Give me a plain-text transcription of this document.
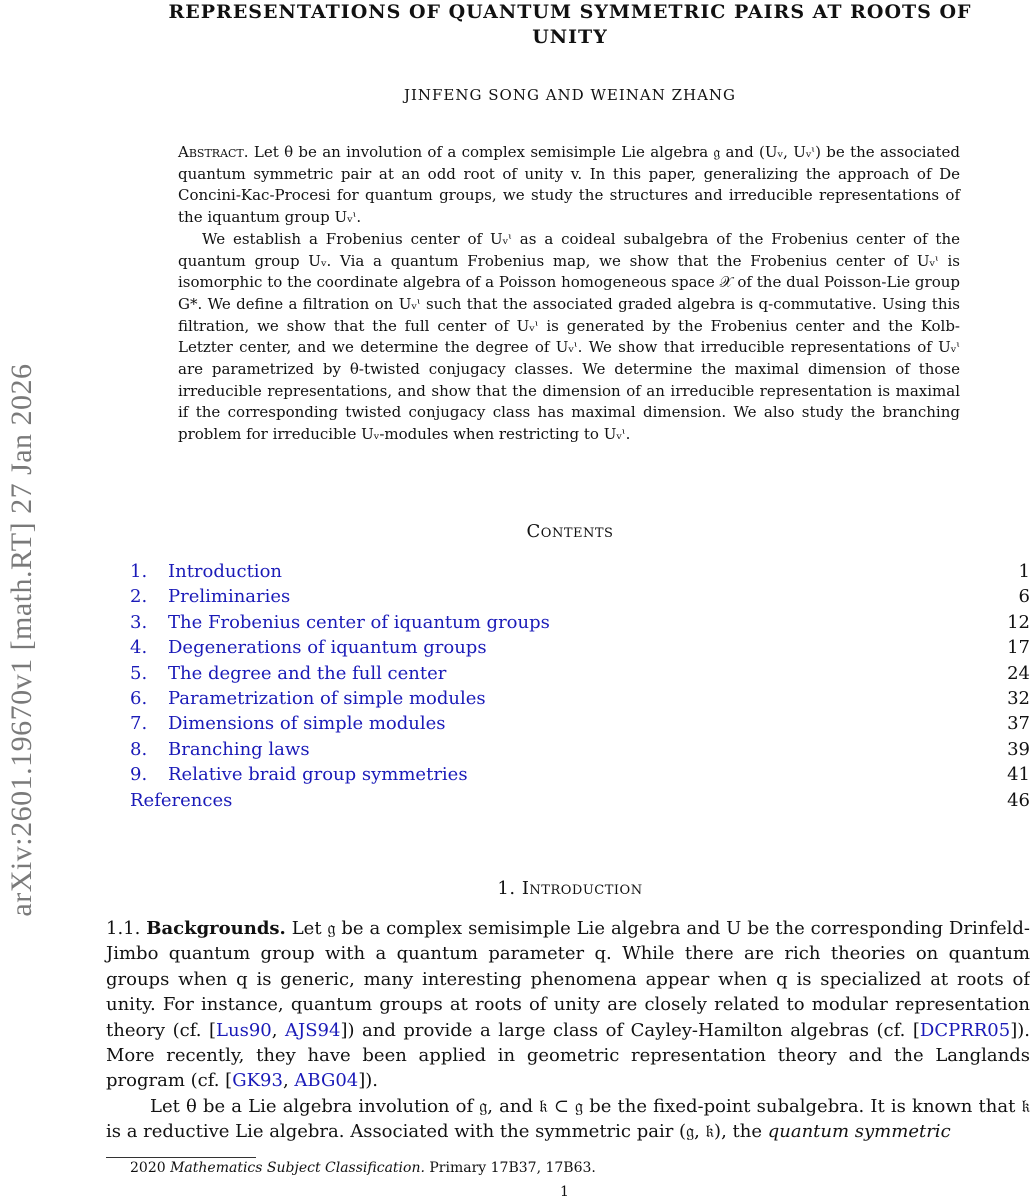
arXiv:2601.19670v1 [math.RT] 27 Jan 2026
REPRESENTATIONS OF QUANTUM SYMMETRIC PAIRS AT ROOTS OF
UNITY
JINFENG SONG AND WEINAN ZHANG

Abstract. Let θ be an involution of a complex semisimple Lie algebra 𝔤 and (Uᵥ, Uᵥᶥ) be the associated quantum symmetric pair at an odd root of unity v. In this paper, generalizing the approach of De Concini-Kac-Procesi for quantum groups, we study the structures and irreducible representations of the iquantum group Uᵥᶥ.

We establish a Frobenius center of Uᵥᶥ as a coideal subalgebra of the Frobenius center of the quantum group Uᵥ. Via a quantum Frobenius map, we show that the Frobenius center of Uᵥᶥ is isomorphic to the coordinate algebra of a Poisson homogeneous space 𝒳 of the dual Poisson-Lie group G*. We define a filtration on Uᵥᶥ such that the associated graded algebra is q-commutative. Using this filtration, we show that the full center of Uᵥᶥ is generated by the Frobenius center and the Kolb-Letzter center, and we determine the degree of Uᵥᶥ. We show that irreducible representations of Uᵥᶥ are parametrized by θ-twisted conjugacy classes. We determine the maximal dimension of those irreducible representations, and show that the dimension of an irreducible representation is maximal if the corresponding twisted conjugacy class has maximal dimension. We also study the branching problem for irreducible Uᵥ-modules when restricting to Uᵥᶥ.

Contents
1. Introduction	1
2. Preliminaries	6
3. The Frobenius center of iquantum groups	12
4. Degenerations of iquantum groups	17
5. The degree and the full center	24
6. Parametrization of simple modules	32
7. Dimensions of simple modules	37
8. Branching laws	39
9. Relative braid group symmetries	41
References	46
1. Introduction

1.1. Backgrounds. Let 𝔤 be a complex semisimple Lie algebra and U be the corresponding Drinfeld-Jimbo quantum group with a quantum parameter q. While there are rich theories on quantum groups when q is generic, many interesting phenomena appear when q is specialized at roots of unity. For instance, quantum groups at roots of unity are closely related to modular representation theory (cf. [Lus90, AJS94]) and provide a large class of Cayley-Hamilton algebras (cf. [DCPRR05]). More recently, they have been applied in geometric representation theory and the Langlands program (cf. [GK93, ABG04]).

Let θ be a Lie algebra involution of 𝔤, and 𝔨 ⊂ 𝔤 be the fixed-point subalgebra. It is known that 𝔨 is a reductive Lie algebra. Associated with the symmetric pair (𝔤, 𝔨), the quantum symmetric

2020 Mathematics Subject Classification. Primary 17B37, 17B63.
1
